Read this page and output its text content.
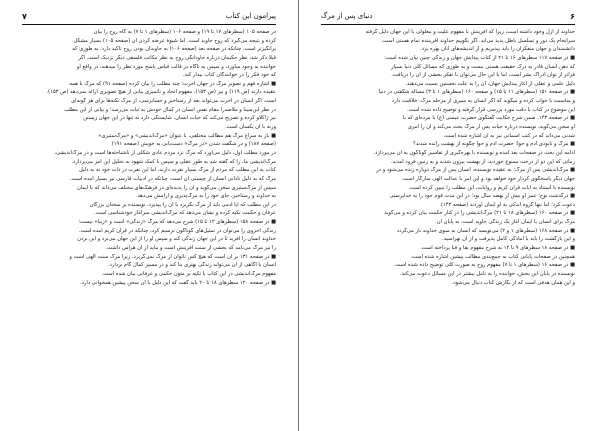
پیرامون این کتاب
۷

در صفحه ۱۰۵ (سطرهای ۱۷ تا ۱۹) و صفحه ۱۰۶ (سطرهای ۱ تا ۷) به گاه روح را بیان

کرده و نتیجه می‌گیرد که روح جاوید است. اما شیوهٔ عرضه کردن آن (صفحه ۱۰۵) بسیار مشکل

برانگیزتر است، چنانکه در صفحه بعد (صفحه ۱۰۶) به جاویدان بودن روح تأکید دارد. به طوری که

قبلاً ذکر شد، نظر حکیمان درباره جاودانگی روح به نظر مکاتب فلسفی دیگر نزدیک است. اگر

خواننده به وجود میآورد، و سپس به ناگاه در قالب قیاس پاسخ مورد نظر را میدهند، در واقع او

که خود فکر را در خوانندگان کتاب بیدار کند.

■ اشاره فهم و تصویر مرگ در جهان آخرت؛ چند مطلب را بیان کرده (صفحه ۹۱) که مرگ با همه

عقیده دارند (ص ۱۱۹) و نیز (ص ۱۵۳)، مفهوم اتحاد و ناتمیزی بیانی از هیچ تصویری ارائه نمی‌دهد (ص ۱۵۳).

است. اگر انسان در آخرت می‌تواند بعد از رستاخیز و حسابرسی، از مرگ نکته‌ها برای هر گونه‌ای

در نظر ابن‌سینا و ملاصدرا مقام نفس انسان در کمال خودش به ثبات می‌رسد؛ و بیانی از این مطلب

نیز ژاکلاو کرده و تصریح می‌کند که حیات انسان، شایستگی دارد نه تنها در این جهان زیستن

ورنه با آن یکسان است.

■ باز به سراغ مرگ هم مطالب مختلفی، با عنوان «مرگ‌اندیشی» و «مرگ‌ستیزی»

(صفحه ۱۸۷) و در شگفت شدن «در مرگ» دست‌یابی به خویش (صفحه ۱۹۱)

در مورد مطلب اول، دلیل می‌آورد که مرگ نزد مردم عادی شکلی از ناشناخته‌ها است و در مرگ‌اندیشی،

مرگ‌اندیشی ما، را که گفته شد به طور عقلی و سپس با کمک شهود به تحلیل این امر می‌پردازد.

کتاب به این مطلب که مردم از مرگ بسیار نفرت دارند، اما این نفرت در ذات خود نه به دلیل

مرگ که به دلیل نادانی انسان از چیستی آن است، چنانکه در ادبیات فارسی نیز بسیار آمده است.

سپس از مرگ‌ستیزی سخن می‌گوید و آن را پدیده‌ای در فرهنگ‌های مختلف می‌داند که با ایمان

به خداوند و رستاخیز، جای خود را به مرگ‌پذیری و آرامش می‌دهد.

در این مطلب که آیا آدمی باید از مرگ بگریزد یا آن را بپذیرد، نویسنده بر سخنان بزرگان

عرفان و حکمت تکیه کرده و نشان می‌دهد که مرگ‌اندیشی سرآغاز خودشناسی است.

■ در صفحه ۱۵۸ (سطرهای ۱۲ تا ۱۵) شرح می‌دهد که مرگ «زندگی» است و «زیبا» نیست؛

زندگی اخروی را می‌توان در تمثیل‌های گوناگون ترسیم کرد، چنانکه در قرآن کریم آمده است.

خداوند انسان را آفرید تا در این جهان زندگی کند و سپس او را از این جهان می‌برد و این بردن

را نیز مرگ می‌نامد که بخشی از سنت آفرینش است و نباید از آن هراس داشت.

■ در صفحه ۱۳۱ بر آن است که هیچ کس ناتوان از مرگ نمی‌گریزد، زیرا مرگ سنت الهی است و

انسان با آگاهی از آن می‌تواند زندگی بهتری بنا کند و در مسیر کمال گام بردارد.

مفهوم مرگ‌اندیشی در این کتاب با تکیه بر متون حکمی و عرفانی بیان شده است.

■ در صفحه ۱۲۰ سطرهای ۱۸ تا ۲۰ باید گفت که این دلیل با آن سخن پیشین همخوانی دارد.

۶
دنیای پس از مرگ

خداوند از ازل وجود داشته است، زیرا که آفرینش با مفهوم علیت و معلولی با این جهان دلیل گرفته

سرانجام یک دور و تسلسل باطل پدید می‌آید. اگر بگوییم خداوند آفریننده تمام هستی است،

دانشمندان و جهان متفکران را باید بپذیریم و از اندیشه‌های آنان بهره برد.

■ در صفحه ۱۱۷ سطرهای ۱۶ تا ۲۱ از کتاب پیدایش جهان و زندگی چنین بیان شده است:

که ذهن انسان قادر به درک حقیقت هستی نیست و به طوری که مسائل کلی دنیا بسیار

فراتر از توان ادراک بشر است، اما با این حال می‌توان با تفکر بخشی از آن را دریافت.

دلیل علمی و عقلی از آغاز پیدایش جهان، آن را به علت نخستین نسبت می‌دهند.

■ در صفحه ۱۵۱ (سطرهای ۱۱ تا ۱۵) و صفحه ۱۶۰ (سطرهای ۱ تا ۳) مسأله شگفتی در دنیا

و مناسبت با خواب کرده و میگوید که اگر انسان به سیری از مرحله مرگ، خلاقیت دارد

این موضوع در کتاب با دقت مورد بررسی قرار گرفته و توضیح داده شده است.

■ در صفحه ۱۴۳، ضمن شرح حکایت گفتگوی حضرت عیسی (ع) با مرده‌ای که با

او سخن می‌گوید، نویسنده درباره حیات پس از مرگ بحث می‌کند و آن را امری

شدنی می‌داند که در کتب آسمانی نیز به آن اشاره شده است.

■ مرگ و نابودی آدم و حوا؛ حضرت آدم و حوا چگونه از بهشت رانده شدند؟

ادامه این بحث در صفحات بعد آمده و نویسنده با بهره‌گیری از تفاسیر گوناگون به آن می‌پردازد.

زمانی که این دو از درخت ممنوع خوردند، از بهشت بیرون شدند و به زمین فرود آمدند.

■ مرگ‌اندیشی پس از مرگ؛ به عقیده نویسنده، انسان پس از مرگ دوباره زنده می‌شود و در

جهان دیگر پاسخگوی کردار خود خواهد بود و این امر با عدالت الهی سازگار است.

نویسنده با استناد به آیات قرآن کریم و روایات، این مطلب را تبیین کرده است.

■ درگذشت نوح؛ عمر او بیش از نهصد سال بود؛ در این مدت قوم خود را به خداپرستی

دعوت کرد؛ اما تنها گروه اندکی به او ایمان آوردند (صفحه ۱۴۳).

■ در صفحه ۱۶۰ (سطرهای ۱۸ تا ۲۱) مرگ‌اندیشی را در کنار حکمت بیان کرده و می‌گوید

مرگ برای انسان با ایمان آغاز یک زندگی جاوید است، نه پایان آن.

■ در صفحه ۱۶۸ (سطرهای ۱ و ۲) می‌نویسد که انسان به سوی خداوند باز می‌گردد

و این بازگشت را باید با آمادگی کامل پذیرفت و از آن نهراسید.

■ در صفحه ۱۸ سطرهای ۹ تا ۱۲ به شرح مفهوم بقا و فنا پرداخته است.

همچنین در صفحات پایانی کتاب به جمع‌بندی مطالب پیشین اشاره شده است.

■ در صفحه ۱۶ (سطرهای ۱ تا ۷) مفهوم روح به صورت کلی توضیح داده شده است.

نویسنده در پایان این بخش، خواننده را به تأمل بیشتر در این مسائل دعوت می‌کند.

و این همان هدفی است که از نگارش کتاب دنبال می‌شود.
